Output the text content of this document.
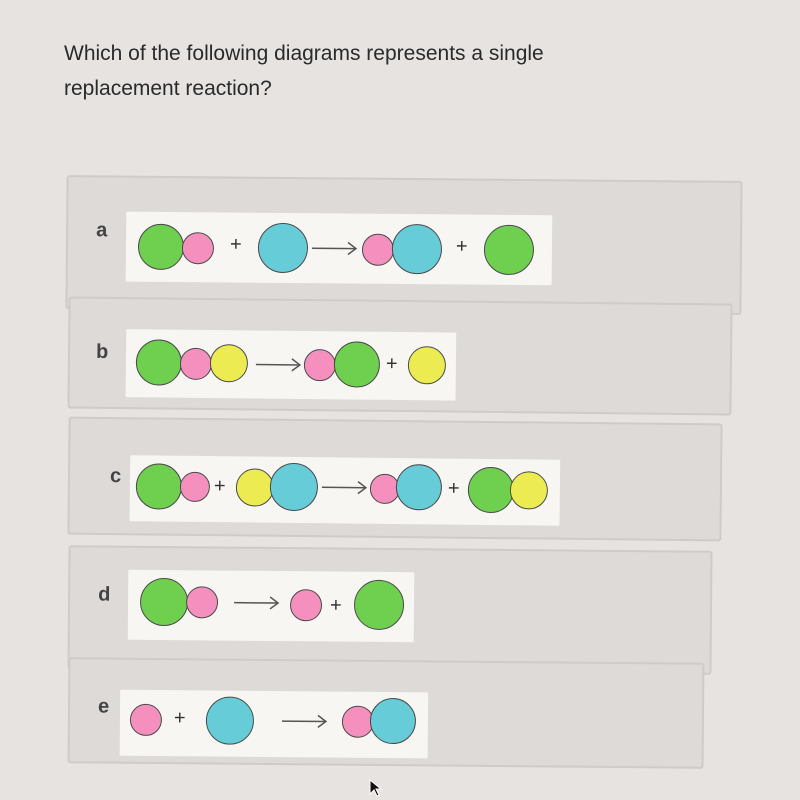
Which of the following diagrams represents a single
replacement reaction?
a
+	+
b
+
c	+	+
d	+
e
+
